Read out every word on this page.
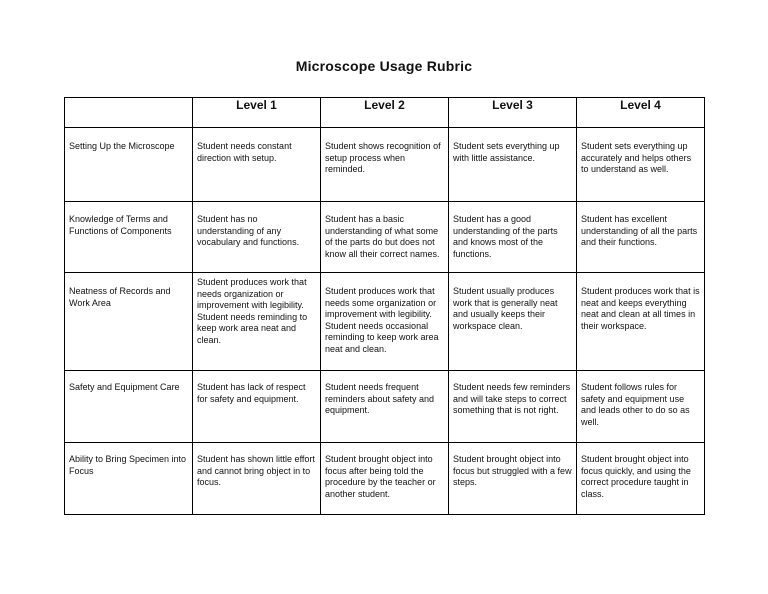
Microscope Usage Rubric
	Level 1	Level 2	Level 3	Level 4
Setting Up the Microscope	Student needs constant direction with setup.	Student shows recognition of setup process when reminded.	Student sets everything up with little assistance.	Student sets everything up accurately and helps others to understand as well.
Knowledge of Terms and Functions of Components	Student has no understanding of any vocabulary and functions.	Student has a basic understanding of what some of the parts do but does not know all their correct names.	Student has a good understanding of the parts and knows most of the functions.	Student has excellent understanding of all the parts and their functions.
Neatness of Records and Work Area	Student produces work that needs organization or improvement with legibility. Student needs reminding to keep work area neat and clean.	Student produces work that needs some organization or improvement with legibility. Student needs occasional reminding to keep work area neat and clean.	Student usually produces work that is generally neat and usually keeps their workspace clean.	Student produces work that is neat and keeps everything neat and clean at all times in their workspace.
Safety and Equipment Care	Student has lack of respect for safety and equipment.	Student needs frequent reminders about safety and equipment.	Student needs few reminders and will take steps to correct something that is not right.	Student follows rules for safety and equipment use and leads other to do so as well.
Ability to Bring Specimen into Focus	Student has shown little effort and cannot bring object in to focus.	Student brought object into focus after being told the procedure by the teacher or another student.	Student brought object into focus but struggled with a few steps.	Student brought object into focus quickly, and using the correct procedure taught in class.
